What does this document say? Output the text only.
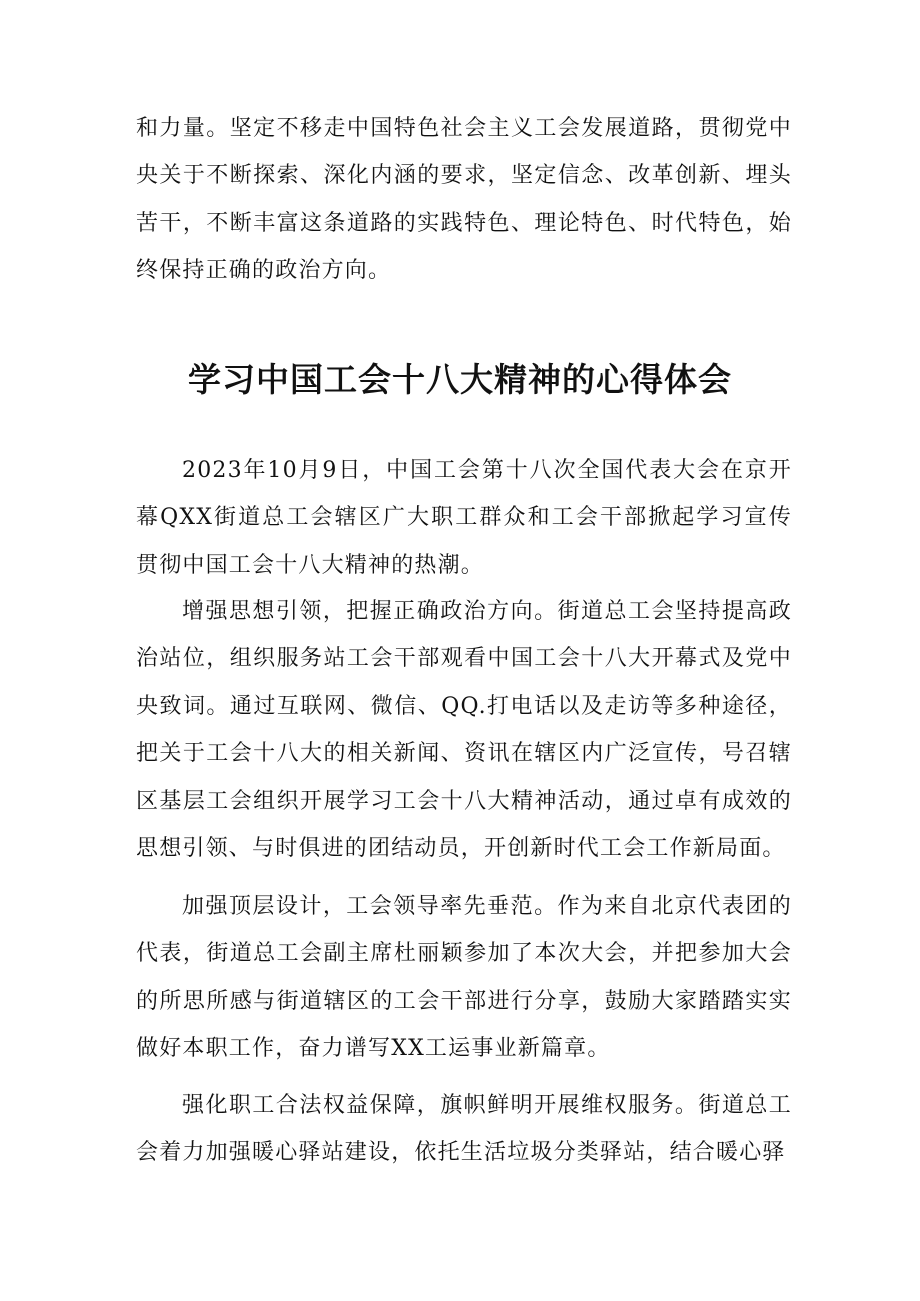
和力量。坚定不移走中国特色社会主义工会发展道路，贯彻党中央关于不断探索、深化内涵的要求，坚定信念、改革创新、埋头苦干，不断丰富这条道路的实践特色、理论特色、时代特色，始终保持正确的政治方向。

学习中国工会十八大精神的心得体会

2023年10月9日，中国工会第十八次全国代表大会在京开幕QXX街道总工会辖区广大职工群众和工会干部掀起学习宣传贯彻中国工会十八大精神的热潮。

增强思想引领，把握正确政治方向。街道总工会坚持提高政治站位，组织服务站工会干部观看中国工会十八大开幕式及党中央致词。通过互联网、微信、QQ.打电话以及走访等多种途径，把关于工会十八大的相关新闻、资讯在辖区内广泛宣传，号召辖区基层工会组织开展学习工会十八大精神活动，通过卓有成效的思想引领、与时俱进的团结动员，开创新时代工会工作新局面。

加强顶层设计，工会领导率先垂范。作为来自北京代表团的代表，街道总工会副主席杜丽颖参加了本次大会，并把参加大会的所思所感与街道辖区的工会干部进行分享，鼓励大家踏踏实实做好本职工作，奋力谱写XX工运事业新篇章。

强化职工合法权益保障，旗帜鲜明开展维权服务。街道总工会着力加强暖心驿站建设，依托生活垃圾分类驿站，结合暖心驿
